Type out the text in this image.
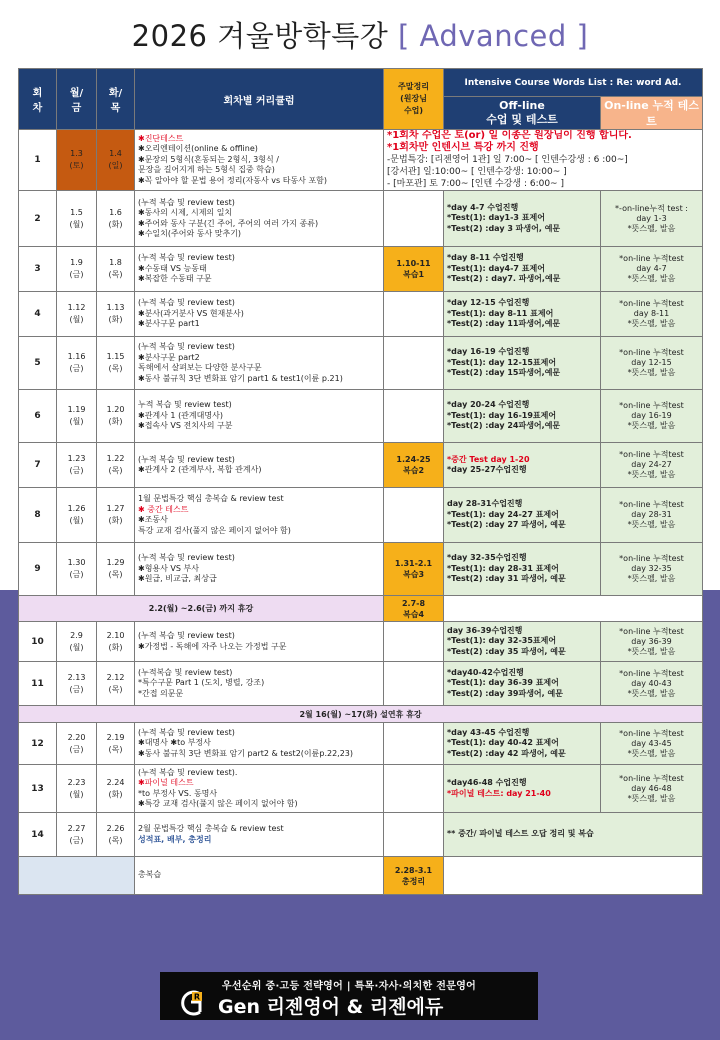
2026 겨울방학특강 [ Advanced ]
회
차	월/
금	화/
목	회차별 커리큘럼	주말정리
(원장님
수업)	Intensive Course Words List : Re: word Ad.	
					Off-line
수업 및 테스트	On-line 누적 테스트
1	1.3
(토)	1.4
(일)	✱진단테스트
✱오리엔테이션(online & offline)
✱문장의 5형식(혼동되는 2형식, 3형식 /
문장을 길어지게 하는 5형식 집중 학습)
✱꼭 알아야 할 문법 용어 정리(자동사 vs 타동사 포함)	*1회차 수업은 토(or) 일 이종은 원장님이 진행 합니다.
*1회차만 인텐시브 특강 까지 진행
-문법특강: [리젠영어 1관] 일 7:00~ [ 인텐수강생 : 6 :00~]
[강서관] 일:10:00~ [ 인텐수강생: 10:00~ ]
- [마포관] 토 7:00~ [인텐 수강생 : 6:00~ ]		

2	1.5
(월)	1.6
(화)	(누적 복습 및 review test)
✱동사의 시제, 시제의 일치
✱주어와 동사 구분(긴 주어, 주어의 여러 가지 종류)
✱수일치(주어와 동사 맞추기)		*day 4-7 수업진행
*Test(1): day1-3 표제어
*Test(2) :day 3 파생어, 예문	*-on-line누적 test :
day 1-3
*뜻스펠, 발음

3	1.9
(금)	1.8
(목)	(누적 복습 및 review test)
✱수동태 VS 능동태
✱복잡한 수동태 구문	1.10-11
복습1	*day 8-11 수업진행
*Test(1): day4-7 표제어
*Test(2) : day7. 파생어,예문	*on-line 누적test
day 4-7
*뜻스펠, 발음

4	1.12
(월)	1.13
(화)	(누적 복습 및 review test)
✱분사(과거분사 VS 현재분사)
✱분사구문 part1		*day 12-15 수업진행
*Test(1): day 8-11 표제어
*Test(2) :day 11파생어,예문	*on-line 누적test
day 8-11
*뜻스펠, 발음

5	1.16
(금)	1.15
(목)	(누적 복습 및 review test)
✱분사구문 part2
독해에서 살펴보는 다양한 분사구문
✱동사 불규칙 3단 변화표 암기 part1 & test1(이륜 p.21)		*day 16-19 수업진행
*Test(1): day 12-15표제어
*Test(2) :day 15파생어,예문	*on-line 누적test
day 12-15
*뜻스펠, 발음

6	1.19
(월)	1.20
(화)	누적 복습 및 review test)
✱관계사 1 (관계대명사)
✱접속사 VS 전치사의 구분		*day 20-24 수업진행
*Test(1): day 16-19표제어
*Test(2) :day 24파생어,예문	*on-line 누적test
day 16-19
*뜻스펠, 발음

7	1.23
(금)	1.22
(목)	(누적 복습 및 review test)
✱관계사 2 (관계부사, 복합 관계사)	1.24-25
복습2	*중간 Test day 1-20
*day 25-27수업진행	*on-line 누적test
day 24-27
*뜻스펠, 발음

8	1.26
(월)	1.27
(화)	1월 문법특강 핵심 총복습 & review test
✱ 중간 테스트
✱조동사
특강 교재 검사(풀지 않은 페이지 없어야 함)		day 28-31수업진행
*Test(1): day 24-27 표제어
*Test(2) :day 27 파생어, 예문	*on-line 누적test
day 28-31
*뜻스펠, 발음

9	1.30
(금)	1.29
(목)	(누적 복습 및 review test)
✱형용사 VS 부사
✱원급, 비교급, 최상급	1.31-2.1
복습3	*day 32-35수업진행
*Test(1): day 28-31 표제어
*Test(2) :day 31 파생어, 예문	*on-line 누적test
day 32-35
*뜻스펠, 발음

2.2(월) ~2.6(금) 까지 휴강				2.7-8
복습4		
10	2.9
(월)	2.10
(화)	(누적 복습 및 review test)
✱가정법 - 독해에 자주 나오는 가정법 구문		day 36-39수업진행
*Test(1): day 32-35표제어
*Test(2) :day 35 파생어, 예문	*on-line 누적test
day 36-39
*뜻스펠, 발음

11	2.13
(금)	2.12
(목)	(누적복습 및 review test)
*특수구문 Part 1 (도치, 병렬, 강조)
*간접 의문문		*day40-42수업진행
*Test(1): day 36-39 표제어
*Test(2) :day 39파생어, 예문	*on-line 누적test
day 40-43
*뜻스펠, 발음

2월 16(월) ~17(화) 설연휴 휴강						
12	2.20
(금)	2.19
(목)	(누적 복습 및 review test)
✱대명사 ✱to 부정사
✱동사 불규칙 3단 변화표 암기 part2 & test2(이륜p.22,23)		*day 43-45 수업진행
*Test(1): day 40-42 표제어
*Test(2) :day 42 파생어, 예문	*on-line 누적test
day 43-45
*뜻스펠, 발음

13	2.23
(월)	2.24
(화)	(누적 복습 및 review test).
✱파이널 테스트
*to 부정사 VS. 동명사
✱특강 교재 검사(풀지 않은 페이지 없어야 함)		*day46-48 수업진행
*파이널 테스트: day 21-40	*on-line 누적test
day 46-48
*뜻스펠, 발음

14	2.27
(금)	2.26
(목)	2월 문법특강 핵심 총복습 & review test
성적표, 배부, 총정리		** 중간/ 파이널 테스트 오답 정리 및 복습	
			총복습	2.28-3.1
총정리		
우선순위 중·고등 전략영어 | 특목·자사·의치한 전문영어
R Gen 리젠영어 & 리젠에듀
